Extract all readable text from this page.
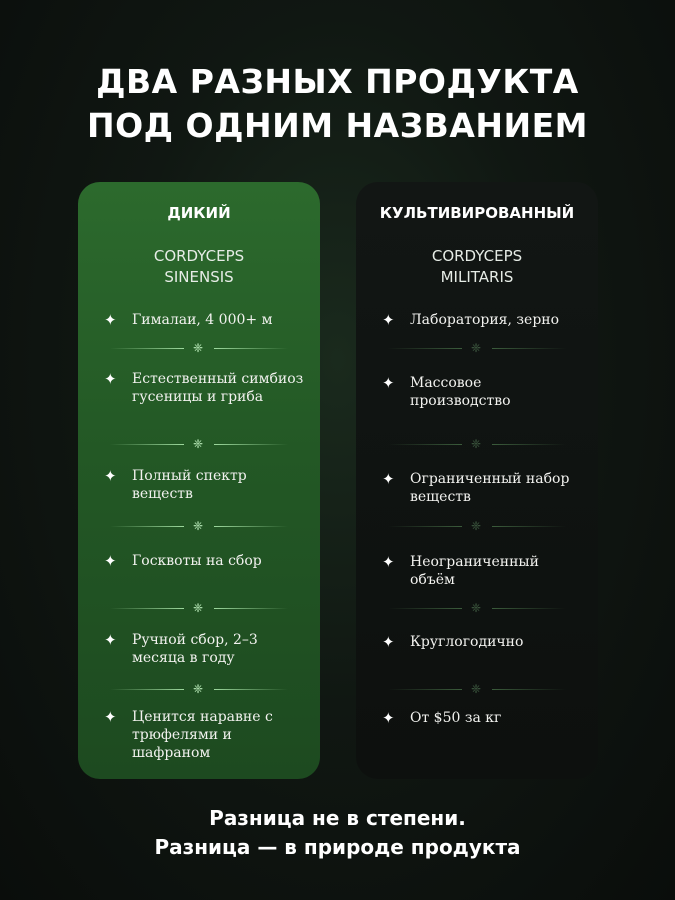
ДВА РАЗНЫХ ПРОДУКТА
ПОД ОДНИМ НАЗВАНИЕМ
ДИКИЙ
CORDYCEPS
SINENSIS
✦	Гималаи, 4 000+ м
❈
✦	Естественный симбиоз гусеницы и гриба
❈
✦	Полный спектр веществ
❈
✦	Госквоты на сбор
❈
✦	Ручной сбор, 2–3 месяца в году
❈
✦	Ценится наравне с трюфелями и шафраном
КУЛЬТИВИРОВАННЫЙ
CORDYCEPS
MILITARIS
✦	Лаборатория, зерно
❈
✦	Массовое производство
❈
✦	Ограниченный набор веществ
❈
✦	Неограниченный объём
❈
✦	Круглогодично
❈
✦	От $50 за кг
Разница не в степени.
Разница — в природе продукта
